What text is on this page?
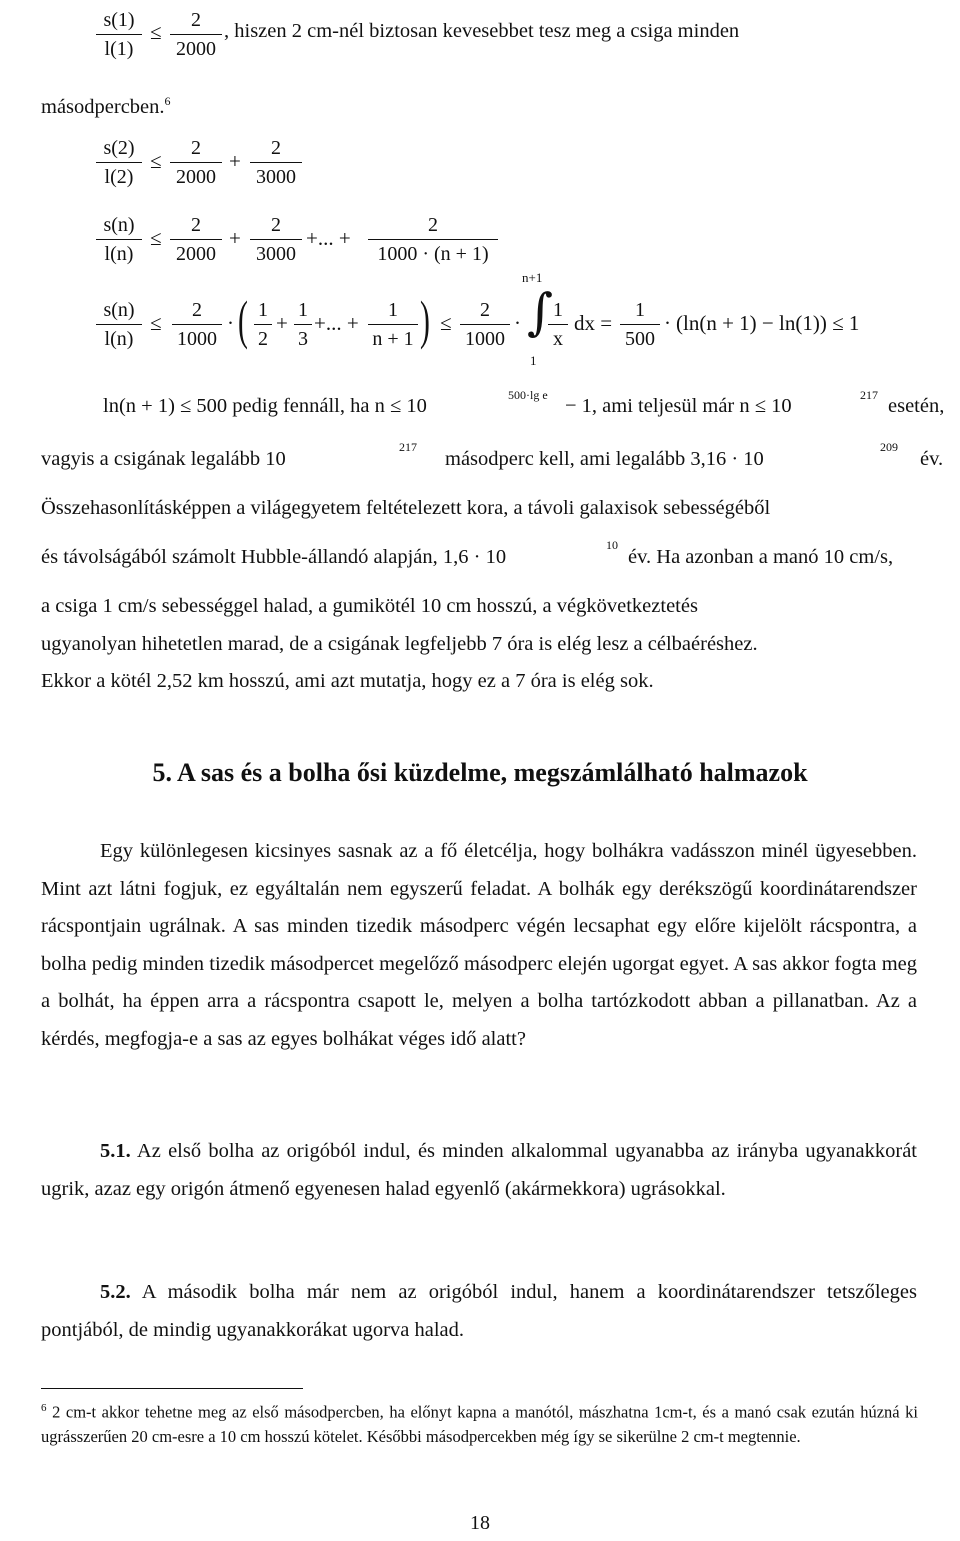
$\frac{s(1)}{l(1)} \le \frac{2}{2000}$ , hiszen 2 cm-nél biztosan kevesebbet tesz meg a csiga minden
másodpercben.$^6$
$\frac{s(2)}{l(2)} \le \frac{2}{2000} + \frac{2}{3000}$
$\frac{s(n)}{l(n)} \le \frac{2}{2000} + \frac{2}{3000}$ +... + $\frac{2}{1000 \cdot (n + 1)}$
$\frac{s(n)}{l(n)} \le \frac{2}{1000}$ · ( $\frac{1}{2} + \frac{1}{3}$ +... + $\frac{1}{n + 1}$ ) ≤ $\frac{2}{1000}$ ·
n+1
∫
1
$\frac{1}{x}$ dx = $\frac{1}{500} \cdot (\ln(n + 1) - \ln(1)) \le 1$
ln(n + 1) ≤ 500 pedig fennáll, ha n ≤ 10	500·lg e − 1, ami teljesül már n ≤ 10	217 esetén,
vagyis a csigának legalább 10
217
másodperc kell, ami legalább 3,16 · 10
209
év.
Összehasonlításképpen a világegyetem feltételezett kora, a távoli galaxisok sebességéből
és távolságából számolt Hubble-állandó alapján, 1,6 · 10
10
év. Ha azonban a manó 10 cm/s,
a csiga 1 cm/s sebességgel halad, a gumikötél 10 cm hosszú, a végkövetkeztetés
ugyanolyan hihetetlen marad, de a csigának legfeljebb 7 óra is elég lesz a célbaéréshez.
Ekkor a kötél 2,52 km hosszú, ami azt mutatja, hogy ez a 7 óra is elég sok.
5. A sas és a bolha ősi küzdelme, megszámlálható halmazok

Egy különlegesen kicsinyes sasnak az a fő életcélja, hogy bolhákra vadásszon minél ügyesebben. Mint azt látni fogjuk, ez egyáltalán nem egyszerű feladat. A bolhák egy derékszögű koordinátarendszer rácspontjain ugrálnak. A sas minden tizedik másodperc végén lecsaphat egy előre kijelölt rácspontra, a bolha pedig minden tizedik másodpercet megelőző másodperc elején ugorgat egyet. A sas akkor fogta meg a bolhát, ha éppen arra a rácspontra csapott le, melyen a bolha tartózkodott abban a pillanatban. Az a kérdés, megfogja-e a sas az egyes bolhákat véges idő alatt?

5.1. Az első bolha az origóból indul, és minden alkalommal ugyanabba az irányba ugyanakkorát ugrik, azaz egy origón átmenő egyenesen halad egyenlő (akármekkora) ugrásokkal.

5.2. A második bolha már nem az origóból indul, hanem a koordinátarendszer tetszőleges pontjából, de mindig ugyanakkorákat ugorva halad.

$^6$ 2 cm-t akkor tehetne meg az első másodpercben, ha előnyt kapna a manótól, mászhatna 1cm-t, és a manó csak ezután húzná ki ugrásszerűen 20 cm-esre a 10 cm hosszú kötelet. Későbbi másodpercekben még így se sikerülne 2 cm-t megtennie.
18
